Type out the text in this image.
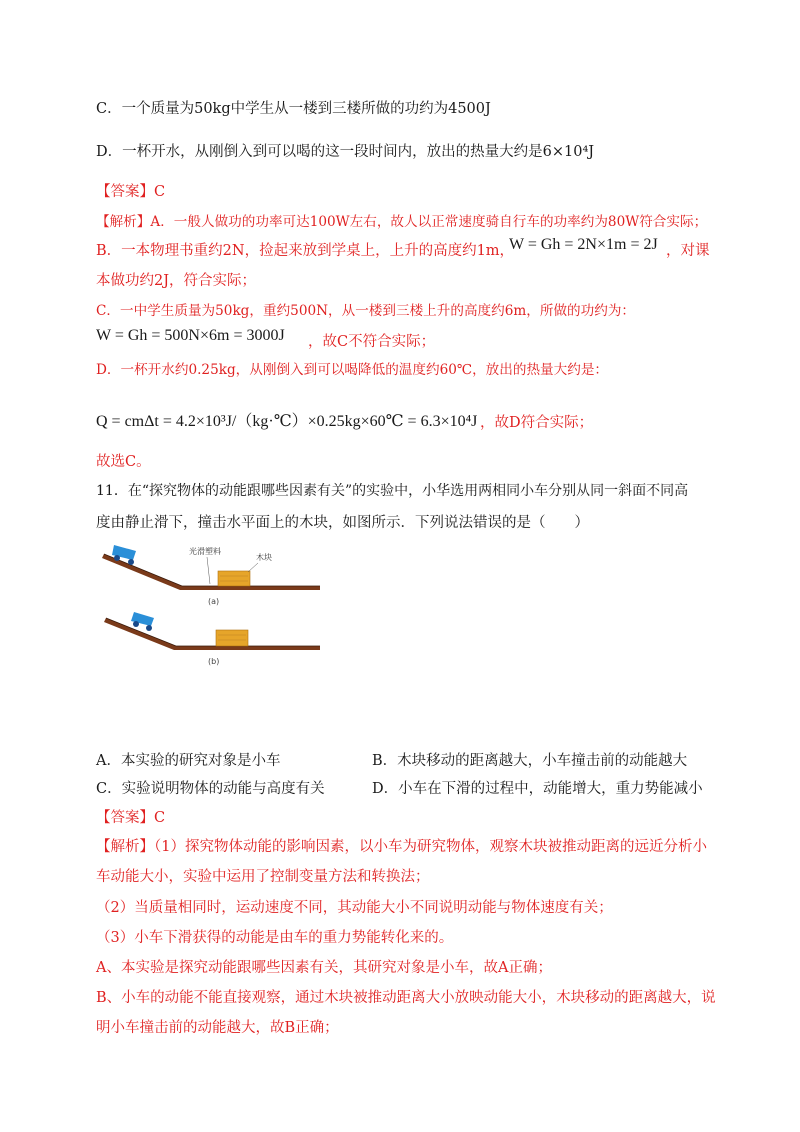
C．一个质量为50kg中学生从一楼到三楼所做的功约为4500J
D．一杯开水，从刚倒入到可以喝的这一段时间内，放出的热量大约是6×10⁴J
【答案】C
【解析】A．一般人做功的功率可达100W左右，故人以正常速度骑自行车的功率约为80W符合实际；
B．一本物理书重约2N，捡起来放到学桌上，上升的高度约1m，
W = Gh = 2N×1m = 2J ，对课
本做功约2J，符合实际；
C．一中学生质量为50kg，重约500N，从一楼到三楼上升的高度约6m，所做的功约为：
W = Gh = 500N×6m = 3000J ，故C不符合实际；
D．一杯开水约0.25kg，从刚倒入到可以喝降低的温度约60℃，放出的热量大约是：
Q = cmΔt = 4.2×10³J/（kg·℃）×0.25kg×60℃ = 6.3×10⁴J ，故D符合实际；
故选C。
11．在“探究物体的动能跟哪些因素有关”的实验中，小华选用两相同小车分别从同一斜面不同高
度由静止滑下，撞击水平面上的木块，如图所示．下列说法错误的是（　　）
光滑塑料
木块
(a)
(b)
A．本实验的研究对象是小车	B．木块移动的距离越大，小车撞击前的动能越大
C．实验说明物体的动能与高度有关	D．小车在下滑的过程中，动能增大，重力势能减小
【答案】C
【解析】（1）探究物体动能的影响因素，以小车为研究物体，观察木块被推动距离的远近分析小
车动能大小，实验中运用了控制变量方法和转换法；
（2）当质量相同时，运动速度不同，其动能大小不同说明动能与物体速度有关；
（3）小车下滑获得的动能是由车的重力势能转化来的。
A、本实验是探究动能跟哪些因素有关，其研究对象是小车，故A正确；
B、小车的动能不能直接观察，通过木块被推动距离大小放映动能大小，木块移动的距离越大，说
明小车撞击前的动能越大，故B正确；
